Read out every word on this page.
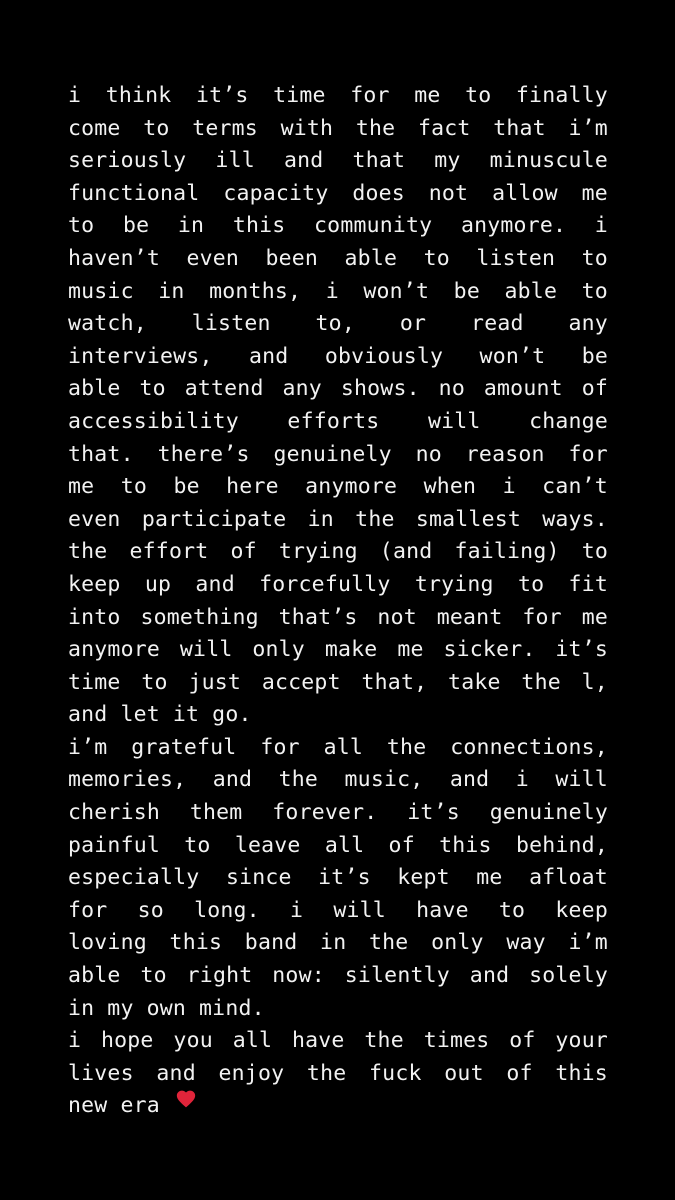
i think it’s time for me to finally
come to terms with the fact that i’m
seriously ill and that my minuscule
functional capacity does not allow me
to be in this community anymore. i
haven’t even been able to listen to
music in months, i won’t be able to
watch, listen to, or read any
interviews, and obviously won’t be
able to attend any shows. no amount of
accessibility efforts will change
that. there’s genuinely no reason for
me to be here anymore when i can’t
even participate in the smallest ways.
the effort of trying (and failing) to
keep up and forcefully trying to fit
into something that’s not meant for me
anymore will only make me sicker. it’s
time to just accept that, take the l,
and let it go.
i’m grateful for all the connections,
memories, and the music, and i will
cherish them forever. it’s genuinely
painful to leave all of this behind,
especially since it’s kept me afloat
for so long. i will have to keep
loving this band in the only way i’m
able to right now: silently and solely
in my own mind.
i hope you all have the times of your
lives and enjoy the fuck out of this
new era
